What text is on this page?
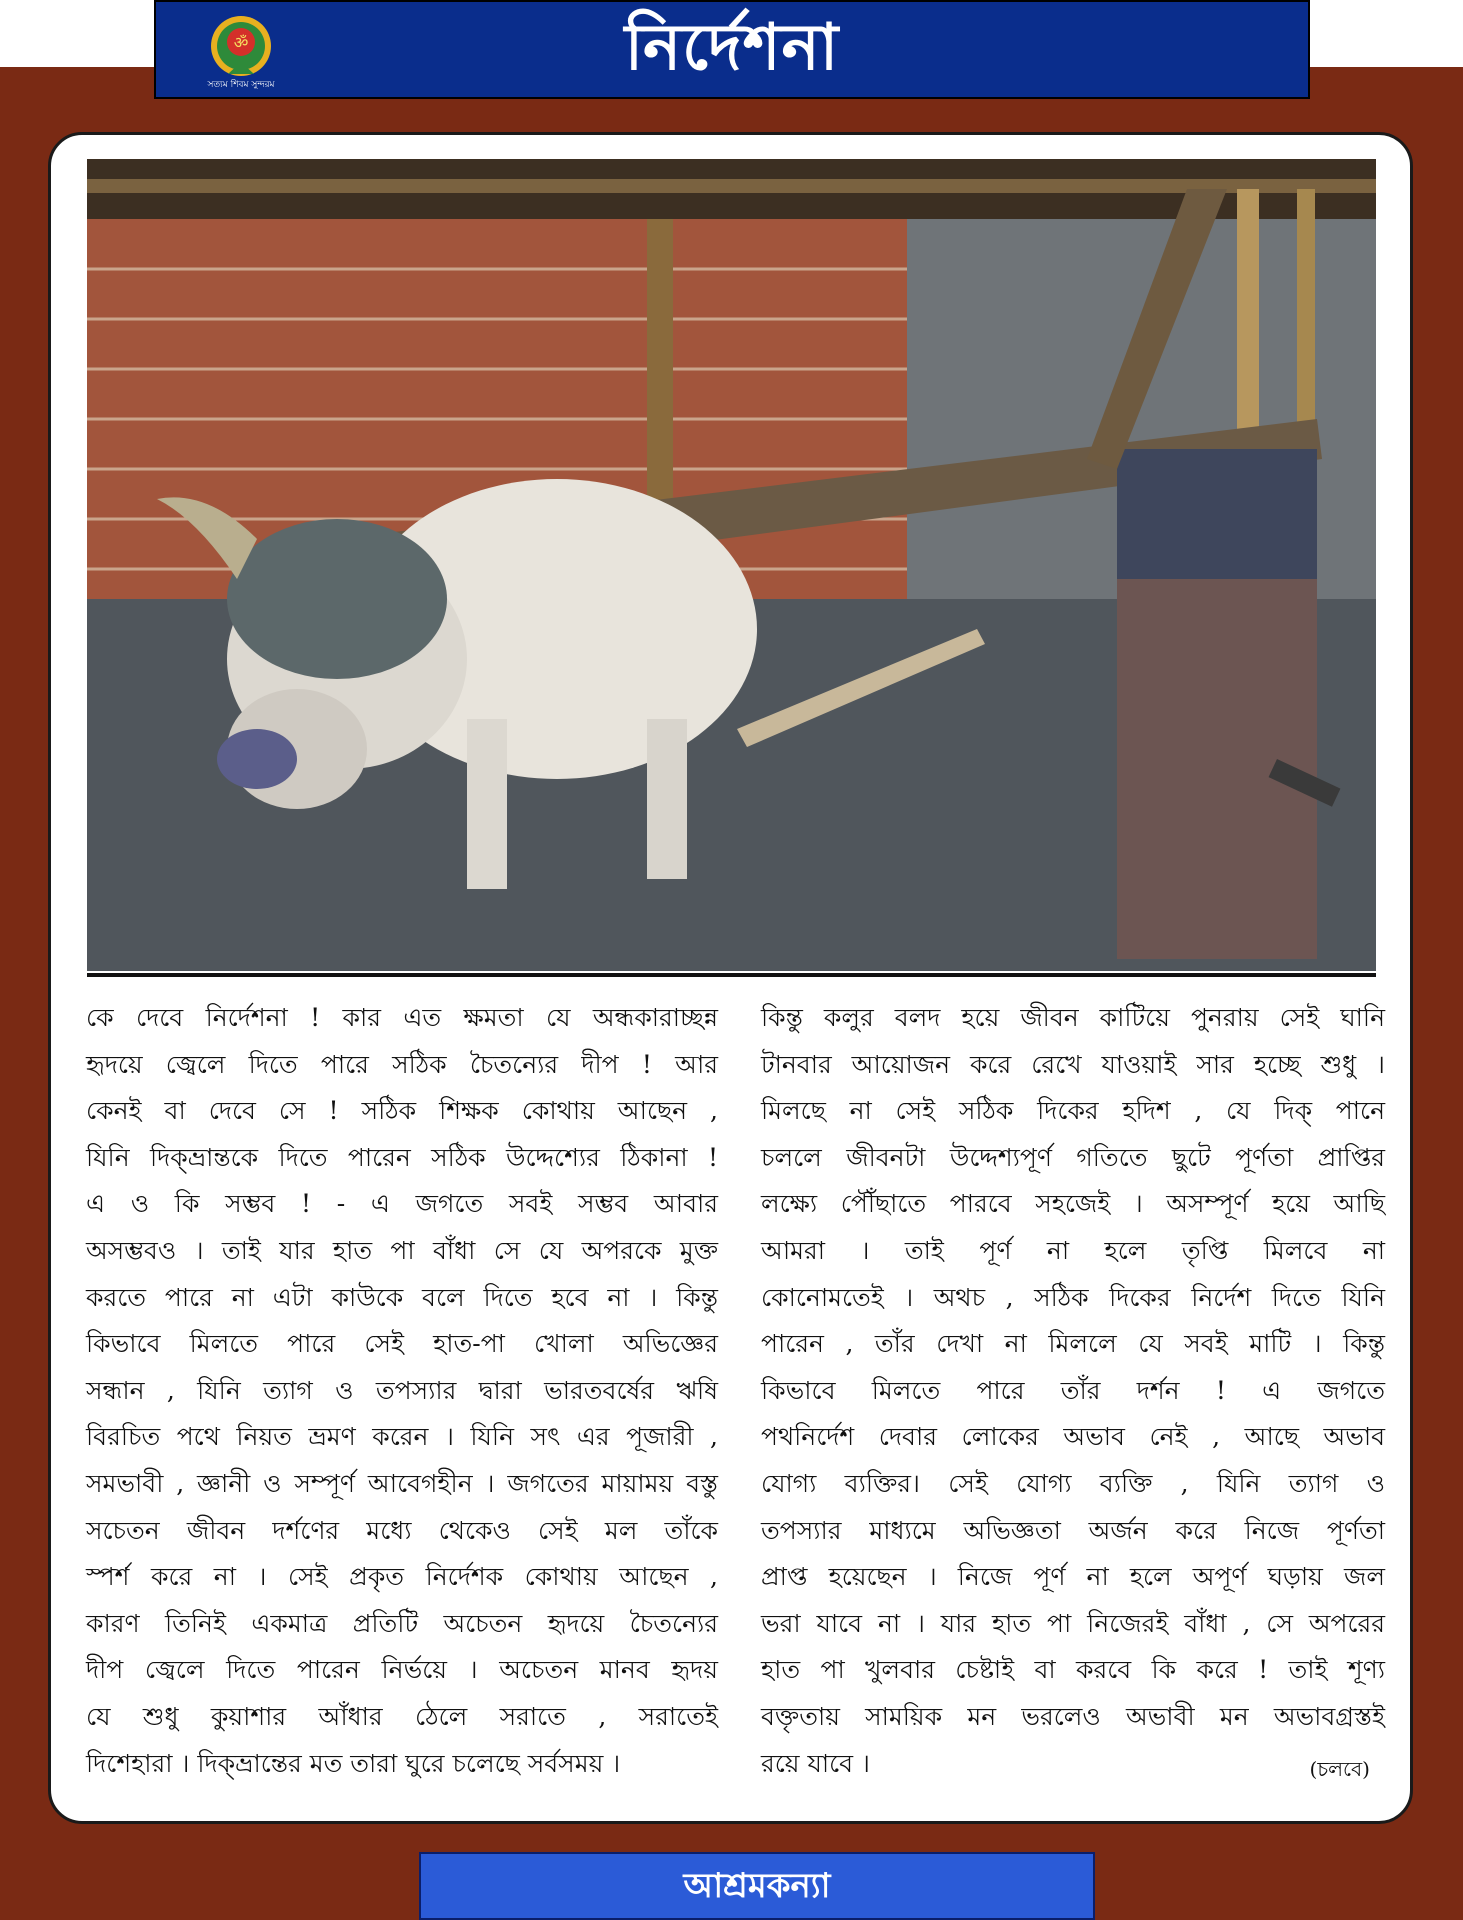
ॐ
সত্যম শিবম সুন্দরম	নির্দেশনা
কে দেবে নির্দেশনা ! কার এত ক্ষমতা যে অন্ধকারাচ্ছন্ন
হৃদয়ে জ্বেলে দিতে পারে সঠিক চৈতন্যের দীপ ! আর
কেনই বা দেবে সে ! সঠিক শিক্ষক কোথায় আছেন ,
যিনি দিক্‌ভ্রান্তকে দিতে পারেন সঠিক উদ্দেশ্যের ঠিকানা !
এ ও কি সম্ভব ! - এ জগতে সবই সম্ভব আবার
অসম্ভবও । তাই যার হাত পা বাঁধা সে যে অপরকে মুক্ত
করতে পারে না এটা কাউকে বলে দিতে হবে না । কিন্তু
কিভাবে মিলতে পারে সেই হাত-পা খোলা অভিজ্ঞের
সন্ধান , যিনি ত্যাগ ও তপস্যার দ্বারা ভারতবর্ষের ঋষি
বিরচিত পথে নিয়ত ভ্রমণ করেন । যিনি সৎ এর পূজারী ,
সমভাবী , জ্ঞানী ও সম্পূর্ণ আবেগহীন । জগতের মায়াময় বস্তু
সচেতন জীবন দর্শণের মধ্যে থেকেও সেই মল তাঁকে
স্পর্শ করে না । সেই প্রকৃত নির্দেশক কোথায় আছেন ,
কারণ তিনিই একমাত্র প্রতিটি অচেতন হৃদয়ে চৈতন্যের
দীপ জ্বেলে দিতে পারেন নির্ভয়ে । অচেতন মানব হৃদয়
যে শুধু কুয়াশার আঁধার ঠেলে সরাতে , সরাতেই
দিশেহারা । দিক্‌ভ্রান্তের মত তারা ঘুরে চলেছে সর্বসময় ।
কিন্তু কলুর বলদ হয়ে জীবন কাটিয়ে পুনরায় সেই ঘানি
টানবার আয়োজন করে রেখে যাওয়াই সার হচ্ছে শুধু ।
মিলছে না সেই সঠিক দিকের হদিশ , যে দিক্‌ পানে
চললে জীবনটা উদ্দেশ্যপূর্ণ গতিতে ছুটে পূর্ণতা প্রাপ্তির
লক্ষ্যে পৌঁছাতে পারবে সহজেই । অসম্পূর্ণ হয়ে আছি
আমরা । তাই পূর্ণ না হলে তৃপ্তি মিলবে না
কোনোমতেই । অথচ , সঠিক দিকের নির্দেশ দিতে যিনি
পারেন , তাঁর দেখা না মিললে যে সবই মাটি । কিন্তু
কিভাবে মিলতে পারে তাঁর দর্শন ! এ জগতে
পথনির্দেশ দেবার লোকের অভাব নেই , আছে অভাব
যোগ্য ব্যক্তির। সেই যোগ্য ব্যক্তি , যিনি ত্যাগ ও
তপস্যার মাধ্যমে অভিজ্ঞতা অর্জন করে নিজে পূর্ণতা
প্রাপ্ত হয়েছেন । নিজে পূর্ণ না হলে অপূর্ণ ঘড়ায় জল
ভরা যাবে না । যার হাত পা নিজেরই বাঁধা , সে অপরের
হাত পা খুলবার চেষ্টাই বা করবে কি করে ! তাই শূণ্য
বক্তৃতায় সাময়িক মন ভরলেও অভাবী মন অভাবগ্রস্তই
রয়ে যাবে ।	(চলবে)
আশ্রমকন্যা
